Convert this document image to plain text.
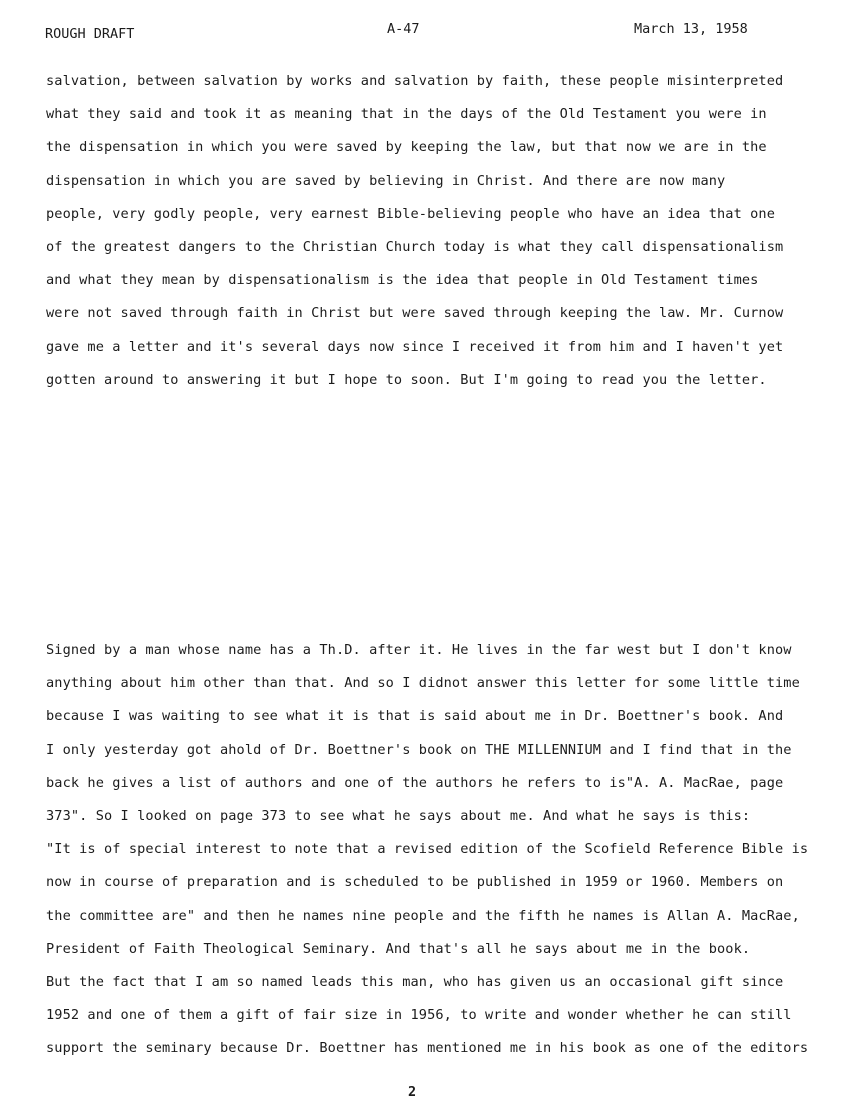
ROUGH DRAFT	A-47	March 13, 1958
salvation, between salvation by works and salvation by faith, these people misinterpreted
what they said and took it as meaning that in the days of the Old Testament you were in
the dispensation in which you were saved by keeping the law, but that now we are in the
dispensation in which you are saved by believing in Christ. And there are now many
people, very godly people, very earnest Bible-believing people who have an idea that one
of the greatest dangers to the Christian Church today is what they call dispensationalism
and what they mean by dispensationalism is the idea that people in Old Testament times
were not saved through faith in Christ but were saved through keeping the law. Mr. Curnow
gave me a letter and it's several days now since I received it from him and I haven't yet
gotten around to answering it but I hope to soon. But I'm going to read you the letter.
Signed by a man whose name has a Th.D. after it. He lives in the far west but I don't know
anything about him other than that. And so I didnot answer this letter for some little time
because I was waiting to see what it is that is said about me in Dr. Boettner's book. And
I only yesterday got ahold of Dr. Boettner's book on THE MILLENNIUM and I find that in the
back he gives a list of authors and one of the authors he refers to is"A. A. MacRae, page
373". So I looked on page 373 to see what he says about me. And what he says is this:
"It is of special interest to note that a revised edition of the Scofield Reference Bible is
now in course of preparation and is scheduled to be published in 1959 or 1960. Members on
the committee are" and then he names nine people and the fifth he names is Allan A. MacRae,
President of Faith Theological Seminary. And that's all he says about me in the book.
But the fact that I am so named leads this man, who has given us an occasional gift since
1952 and one of them a gift of fair size in 1956, to write and wonder whether he can still
support the seminary because Dr. Boettner has mentioned me in his book as one of the editors
2
